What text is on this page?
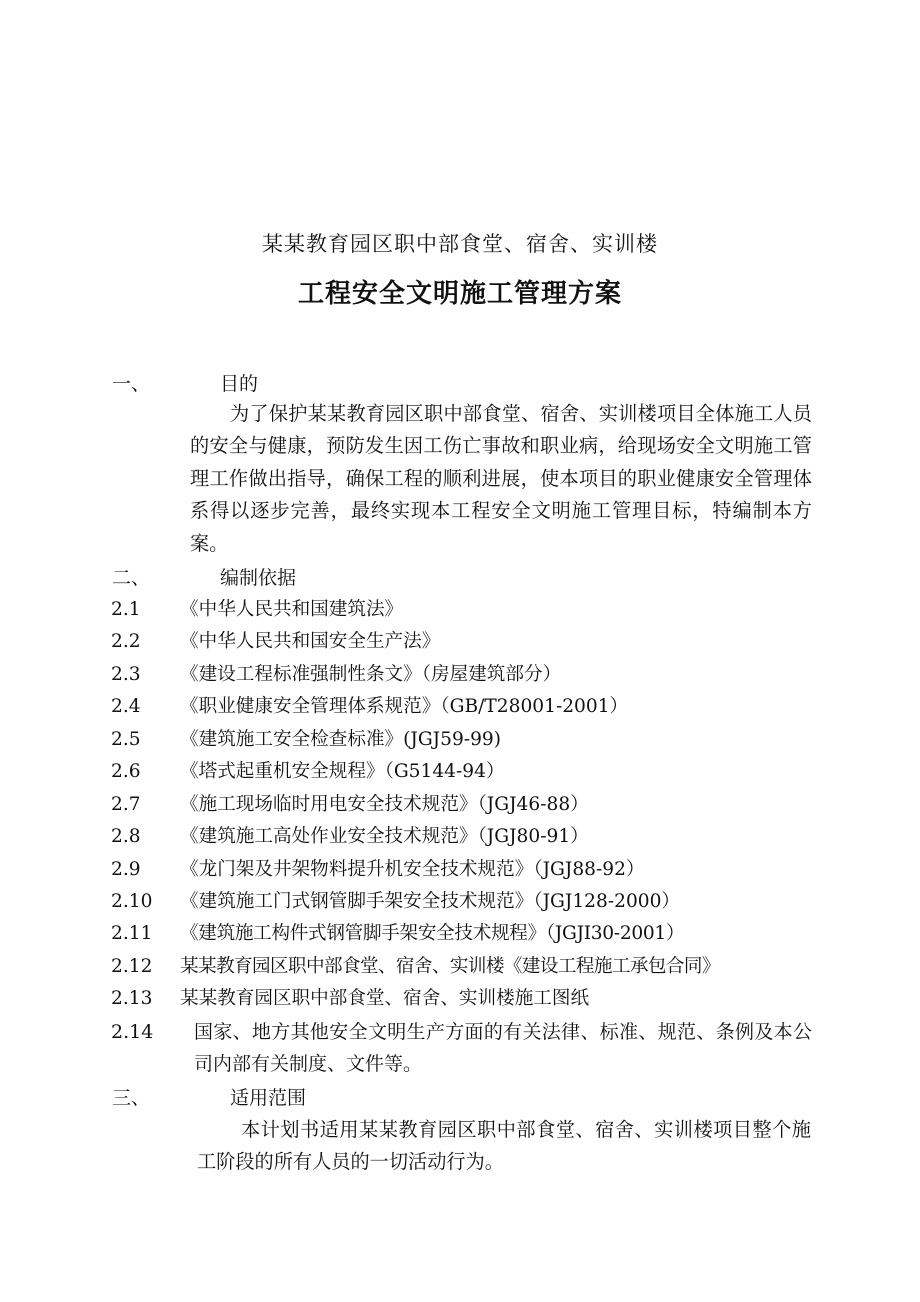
某某教育园区职中部食堂、宿舍、实训楼
工程安全文明施工管理方案
一、	目的

为了保护某某教育园区职中部食堂、宿舍、实训楼项目全体施工人员的安全与健康，预防发生因工伤亡事故和职业病，给现场安全文明施工管理工作做出指导，确保工程的顺利进展，使本项目的职业健康安全管理体系得以逐步完善，最终实现本工程安全文明施工管理目标，特编制本方案。

二、	编制依据
2.1 《中华人民共和国建筑法》
2.2 《中华人民共和国安全生产法》
2.3 《建设工程标准强制性条文》（房屋建筑部分）
2.4 《职业健康安全管理体系规范》（GB/T28001-2001）
2.5 《建筑施工安全检查标准》(JGJ59-99)
2.6 《塔式起重机安全规程》（G5144-94）
2.7 《施工现场临时用电安全技术规范》（JGJ46-88）
2.8 《建筑施工高处作业安全技术规范》（JGJ80-91）
2.9 《龙门架及井架物料提升机安全技术规范》（JGJ88-92）
2.10 《建筑施工门式钢管脚手架安全技术规范》（JGJ128-2000）
2.11 《建筑施工构件式钢管脚手架安全技术规程》（JGJI30-2001）
2.12 某某教育园区职中部食堂、宿舍、实训楼《建设工程施工承包合同》
2.13 某某教育园区职中部食堂、宿舍、实训楼施工图纸
2.14 国家、地方其他安全文明生产方面的有关法律、标准、规范、条例及本公司内部有关制度、文件等。

三、	适用范围

本计划书适用某某教育园区职中部食堂、宿舍、实训楼项目整个施工阶段的所有人员的一切活动行为。
